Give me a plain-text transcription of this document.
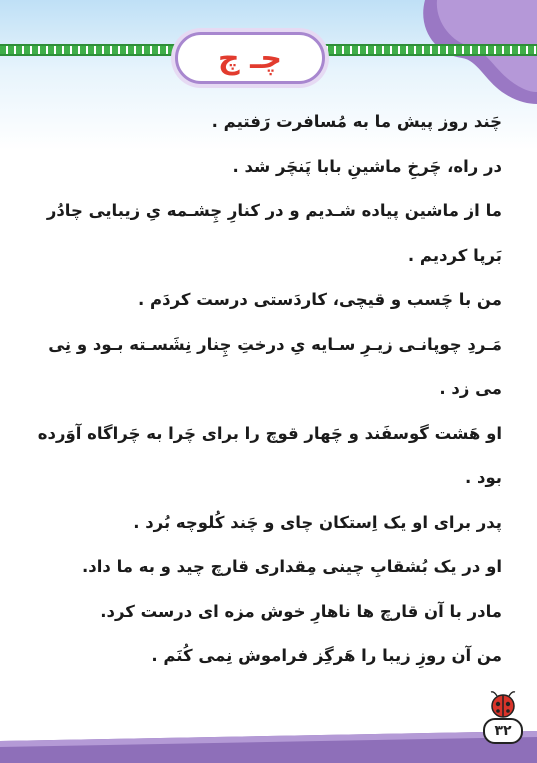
چـ چ
چَند روز پیش ما به مُسافرت رَفتیم .
در راه، چَرخِ ماشینِ بابا پَنچَر شد .
ما از ماشین پیاده شـدیم و در کنارِ چِشـمه یِ زیبایی چادُر
بَرپا کردیم .
من با چَسب و قیچی، کاردَستی درست کردَم .
مَـردِ چوپانـی زیـرِ سـایه یِ درختِ چِنار نِشَسـته بـود و نِی
می زد .
او هَشت گوسفَند و چَهار قوچ را برای چَرا به چَراگاه آوَرده
بود .
پدر برای او یک اِستکان چای و چَند کُلوچه بُرد .
او در یک بُشقابِ چینی مِقداری قارچ چید و به ما داد.
مادر با آن قارچ ها ناهارِ خوش مزه ای درست کرد.
من آن روزِ زیبا را هَرگِز فراموش نِمی کُنَم .
۳۲
